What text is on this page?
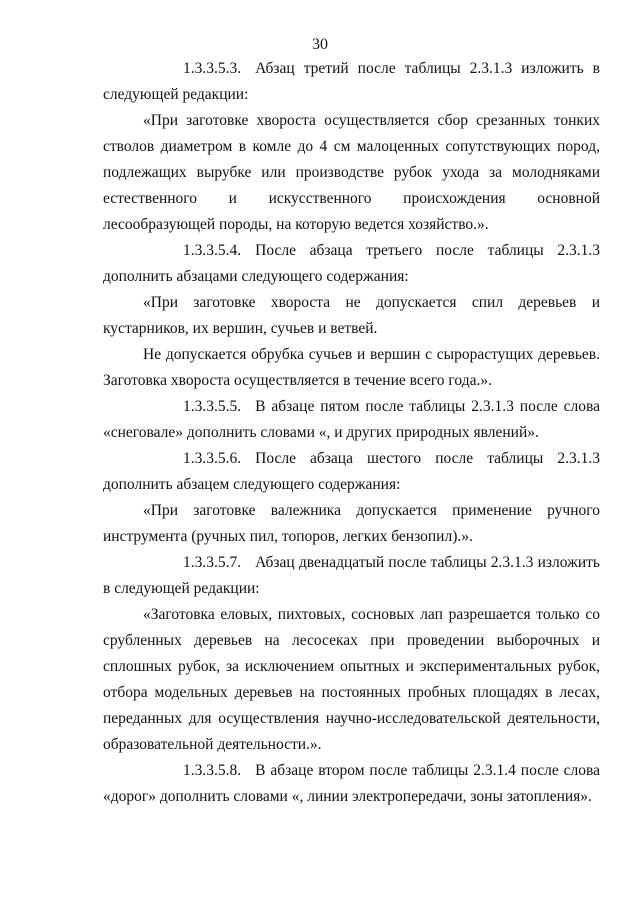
30

1.3.3.5.3. Абзац третий после таблицы 2.3.1.3 изложить в следующей редакции:

«При заготовке хвороста осуществляется сбор срезанных тонких стволов диаметром в комле до 4 см малоценных сопутствующих пород, подлежащих вырубке или производстве рубок ухода за молодняками естественного и искусственного происхождения основной лесообразующей породы, на которую ведется хозяйство.».

1.3.3.5.4. После абзаца третьего после таблицы 2.3.1.3 дополнить абзацами следующего содержания:

«При заготовке хвороста не допускается спил деревьев и кустарников, их вершин, сучьев и ветвей.

Не допускается обрубка сучьев и вершин с сырорастущих деревьев. Заготовка хвороста осуществляется в течение всего года.».

1.3.3.5.5. В абзаце пятом после таблицы 2.3.1.3 после слова «снеговале» дополнить словами «, и других природных явлений».

1.3.3.5.6. После абзаца шестого после таблицы 2.3.1.3 дополнить абзацем следующего содержания:

«При заготовке валежника допускается применение ручного инструмента (ручных пил, топоров, легких бензопил).».

1.3.3.5.7. Абзац двенадцатый после таблицы 2.3.1.3 изложить в следующей редакции:

«Заготовка еловых, пихтовых, сосновых лап разрешается только со срубленных деревьев на лесосеках при проведении выборочных и сплошных рубок, за исключением опытных и экспериментальных рубок, отбора модельных деревьев на постоянных пробных площадях в лесах, переданных для осуществления научно-исследовательской деятельности, образовательной деятельности.».

1.3.3.5.8. В абзаце втором после таблицы 2.3.1.4 после слова «дорог» дополнить словами «, линии электропередачи, зоны затопления».
